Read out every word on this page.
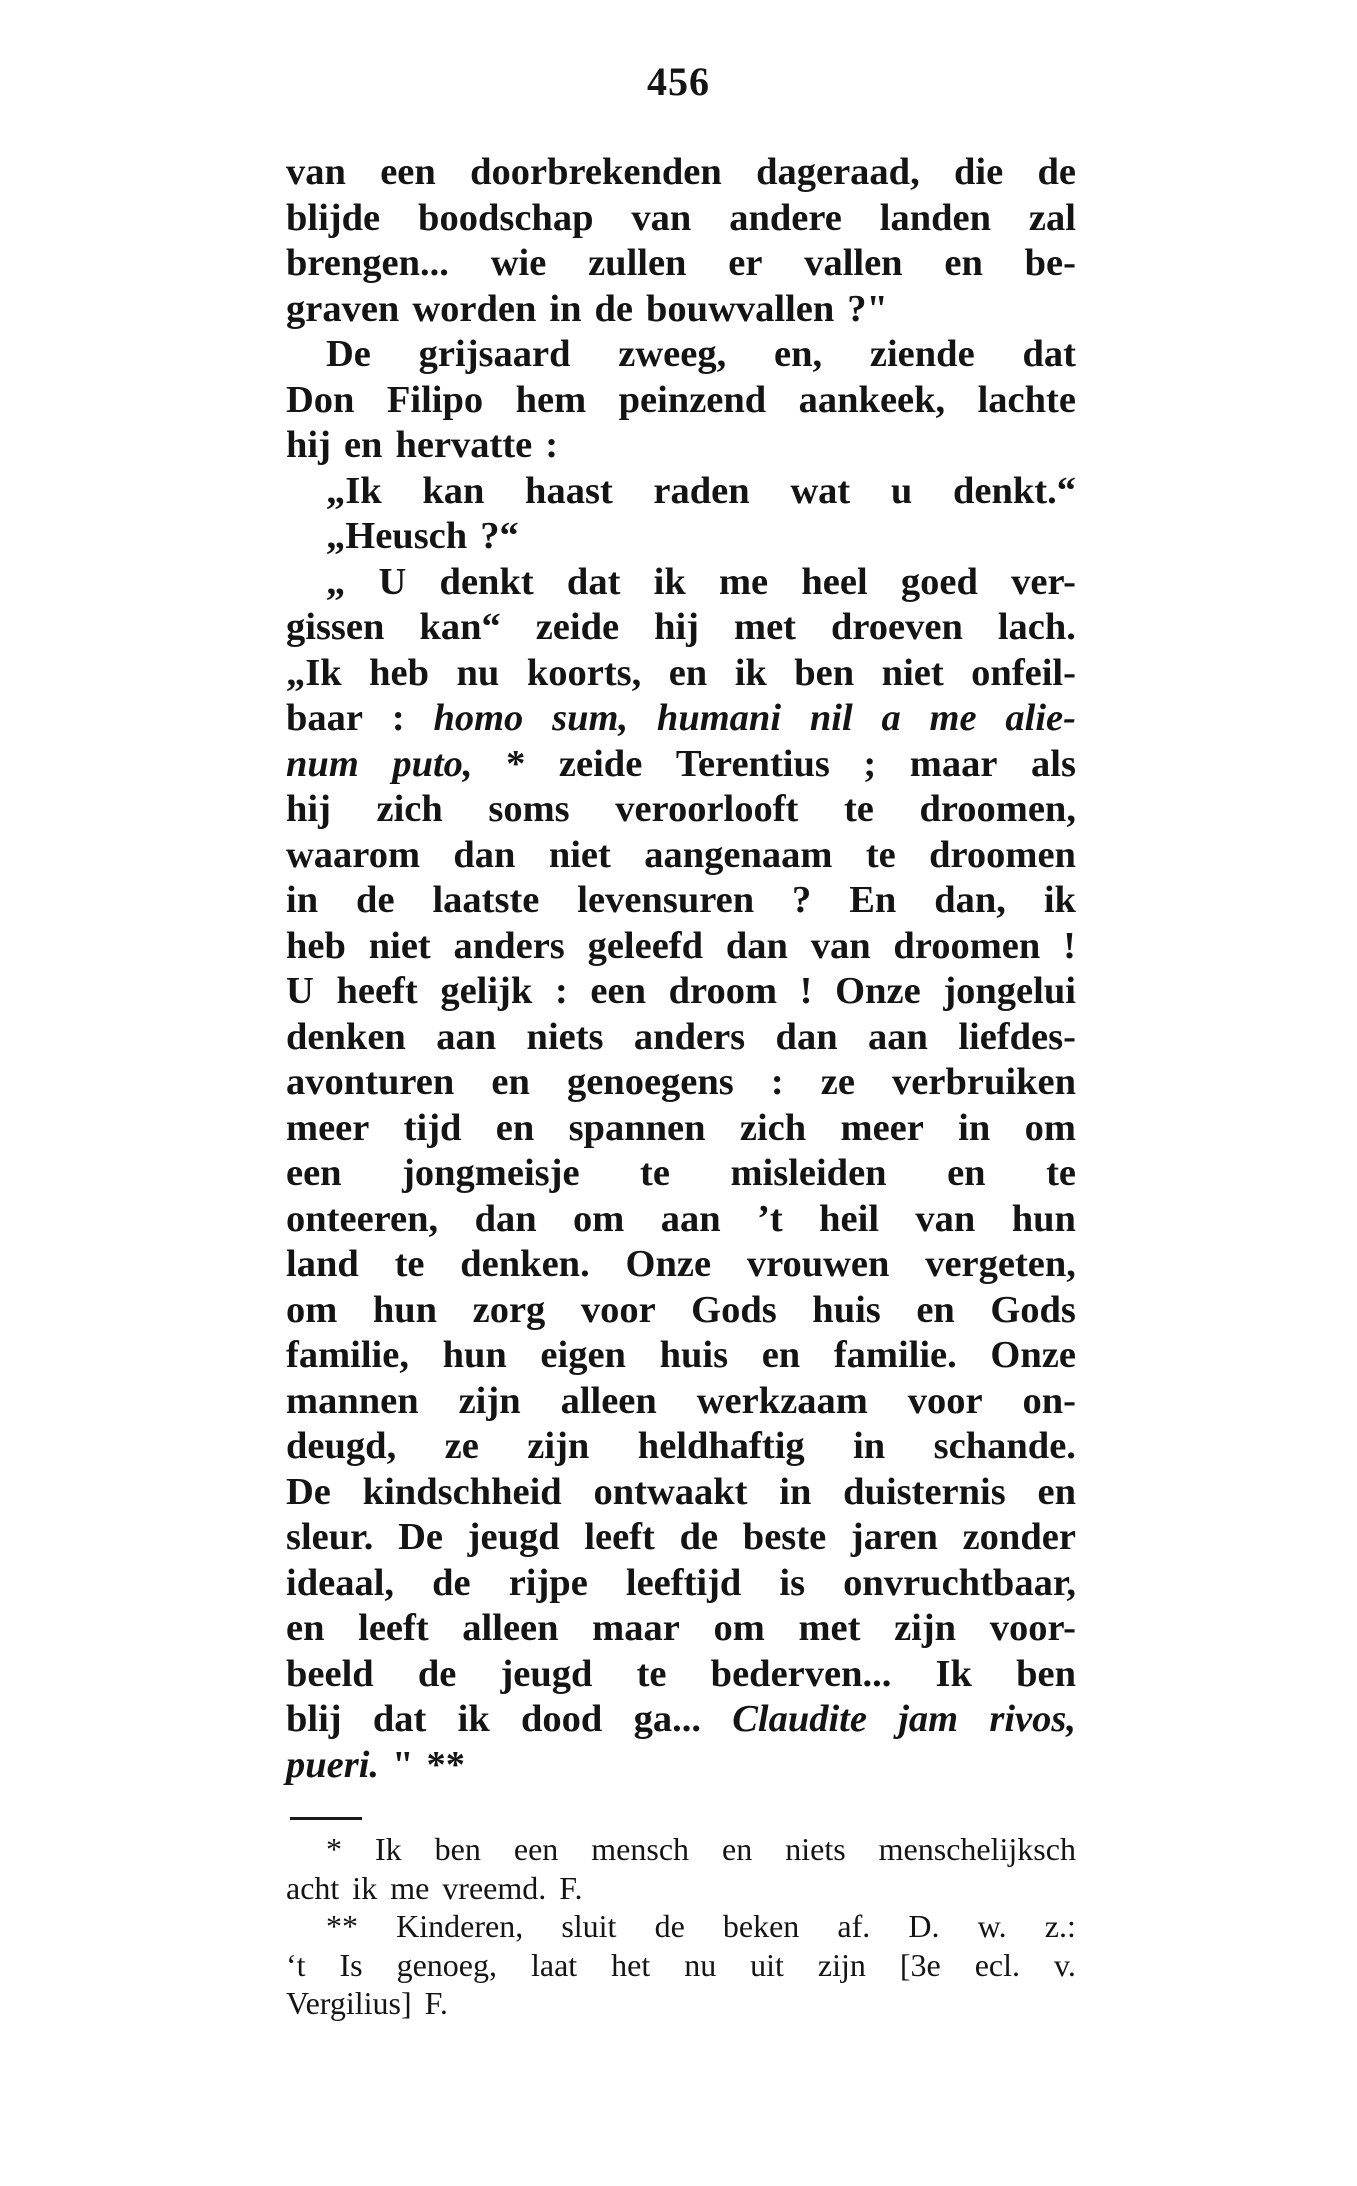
456
van een doorbrekenden dageraad, die de
blijde boodschap van andere landen zal
brengen... wie zullen er vallen en be-
graven worden in de bouwvallen ?"
De grijsaard zweeg, en, ziende dat
Don Filipo hem peinzend aankeek, lachte
hij en hervatte :
„Ik kan haast raden wat u denkt.“
„Heusch ?“
„ U denkt dat ik me heel goed ver-
gissen kan“ zeide hij met droeven lach.
„Ik heb nu koorts, en ik ben niet onfeil-
baar : homo sum, humani nil a me alie-
num puto, * zeide Terentius ; maar als
hij zich soms veroorlooft te droomen,
waarom dan niet aangenaam te droomen
in de laatste levensuren ? En dan, ik
heb niet anders geleefd dan van droomen !
U heeft gelijk : een droom ! Onze jongelui
denken aan niets anders dan aan liefdes-
avonturen en genoegens : ze verbruiken
meer tijd en spannen zich meer in om
een jongmeisje te misleiden en te
onteeren, dan om aan ’t heil van hun
land te denken. Onze vrouwen vergeten,
om hun zorg voor Gods huis en Gods
familie, hun eigen huis en familie. Onze
mannen zijn alleen werkzaam voor on-
deugd, ze zijn heldhaftig in schande.
De kindschheid ontwaakt in duisternis en
sleur. De jeugd leeft de beste jaren zonder
ideaal, de rijpe leeftijd is onvruchtbaar,
en leeft alleen maar om met zijn voor-
beeld de jeugd te bederven... Ik ben
blij dat ik dood ga... Claudite jam rivos,
pueri. " **
* Ik ben een mensch en niets menschelijksch
acht ik me vreemd. F.
** Kinderen, sluit de beken af. D. w. z.:
‘t Is genoeg, laat het nu uit zijn [3e ecl. v.
Vergilius] F.
